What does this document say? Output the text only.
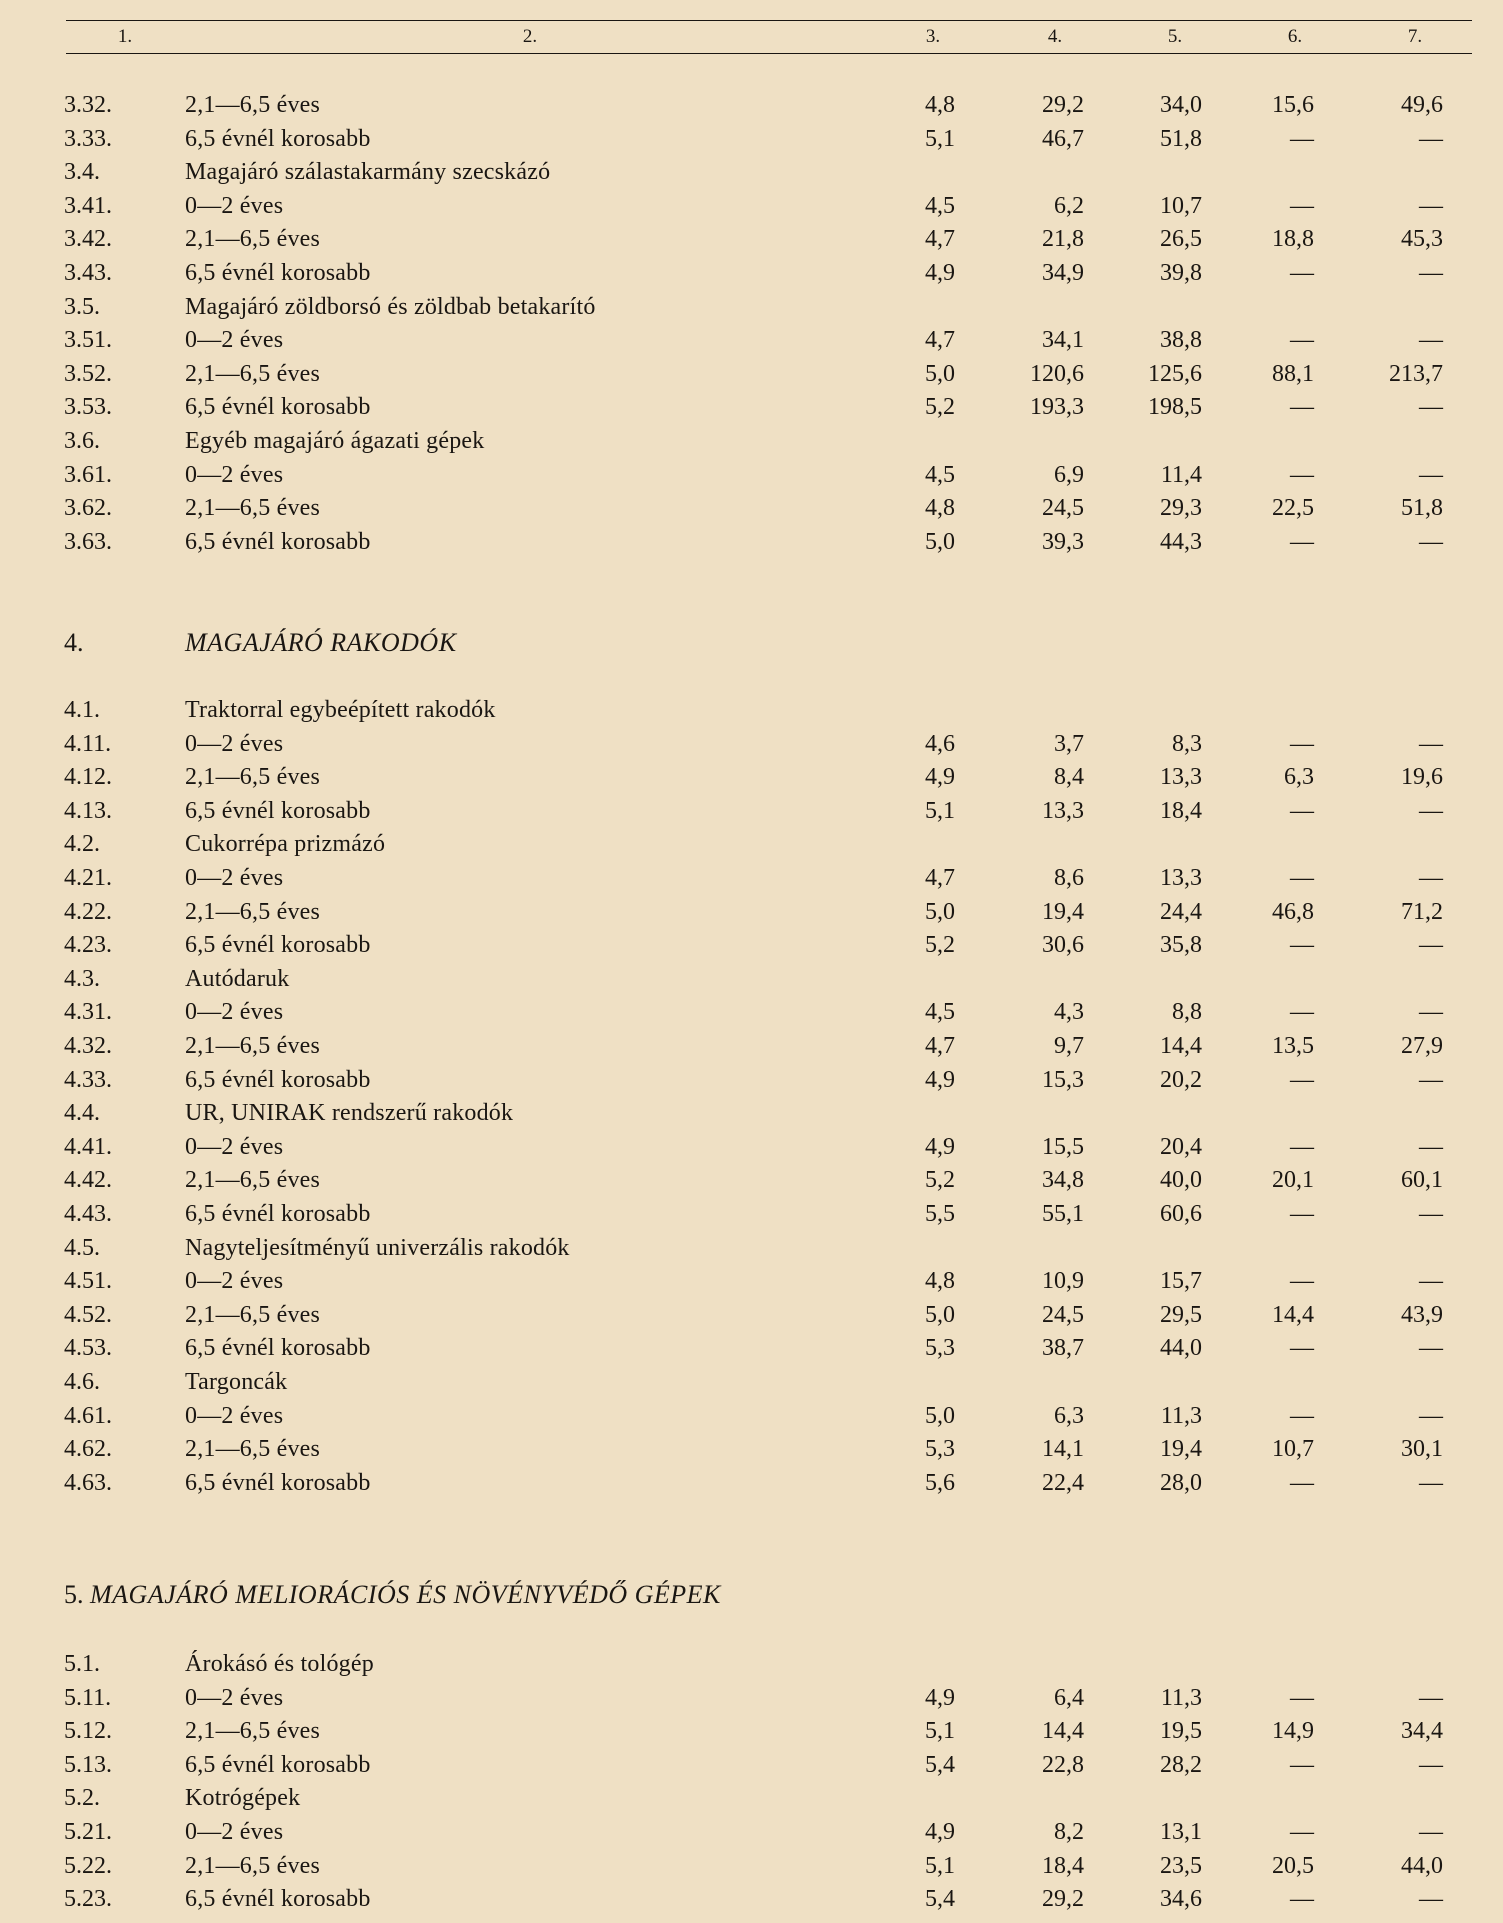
1.	2.	3.	4.	5.	6.	7.
3.32.	2,1—6,5 éves	4,8	29,2	34,0	15,6	49,6
3.33.	6,5 évnél korosabb	5,1	46,7	51,8	—	—
3.4.	Magajáró szálastakarmány szecskázó
3.41.	0—2 éves	4,5	6,2	10,7	—	—
3.42.	2,1—6,5 éves	4,7	21,8	26,5	18,8	45,3
3.43.	6,5 évnél korosabb	4,9	34,9	39,8	—	—
3.5.	Magajáró zöldborsó és zöldbab betakarító
3.51.	0—2 éves	4,7	34,1	38,8	—	—
3.52.	2,1—6,5 éves	5,0	120,6	125,6	88,1	213,7
3.53.	6,5 évnél korosabb	5,2	193,3	198,5	—	—
3.6.	Egyéb magajáró ágazati gépek
3.61.	0—2 éves	4,5	6,9	11,4	—	—
3.62.	2,1—6,5 éves	4,8	24,5	29,3	22,5	51,8
3.63.	6,5 évnél korosabb	5,0	39,3	44,3	—	—
4.	MAGAJÁRÓ RAKODÓK
4.1.	Traktorral egybeépített rakodók
4.11.	0—2 éves	4,6	3,7	8,3	—	—
4.12.	2,1—6,5 éves	4,9	8,4	13,3	6,3	19,6
4.13.	6,5 évnél korosabb	5,1	13,3	18,4	—	—
4.2.	Cukorrépa prizmázó
4.21.	0—2 éves	4,7	8,6	13,3	—	—
4.22.	2,1—6,5 éves	5,0	19,4	24,4	46,8	71,2
4.23.	6,5 évnél korosabb	5,2	30,6	35,8	—	—
4.3.	Autódaruk
4.31.	0—2 éves	4,5	4,3	8,8	—	—
4.32.	2,1—6,5 éves	4,7	9,7	14,4	13,5	27,9
4.33.	6,5 évnél korosabb	4,9	15,3	20,2	—	—
4.4.	UR, UNIRAK rendszerű rakodók
4.41.	0—2 éves	4,9	15,5	20,4	—	—
4.42.	2,1—6,5 éves	5,2	34,8	40,0	20,1	60,1
4.43.	6,5 évnél korosabb	5,5	55,1	60,6	—	—
4.5.	Nagyteljesítményű univerzális rakodók
4.51.	0—2 éves	4,8	10,9	15,7	—	—
4.52.	2,1—6,5 éves	5,0	24,5	29,5	14,4	43,9
4.53.	6,5 évnél korosabb	5,3	38,7	44,0	—	—
4.6.	Targoncák
4.61.	0—2 éves	5,0	6,3	11,3	—	—
4.62.	2,1—6,5 éves	5,3	14,1	19,4	10,7	30,1
4.63.	6,5 évnél korosabb	5,6	22,4	28,0	—	—
5. MAGAJÁRÓ MELIORÁCIÓS ÉS NÖVÉNYVÉDŐ GÉPEK
5.1.	Árokásó és tológép
5.11.	0—2 éves	4,9	6,4	11,3	—	—
5.12.	2,1—6,5 éves	5,1	14,4	19,5	14,9	34,4
5.13.	6,5 évnél korosabb	5,4	22,8	28,2	—	—
5.2.	Kotrógépek
5.21.	0—2 éves	4,9	8,2	13,1	—	—
5.22.	2,1—6,5 éves	5,1	18,4	23,5	20,5	44,0
5.23.	6,5 évnél korosabb	5,4	29,2	34,6	—	—
